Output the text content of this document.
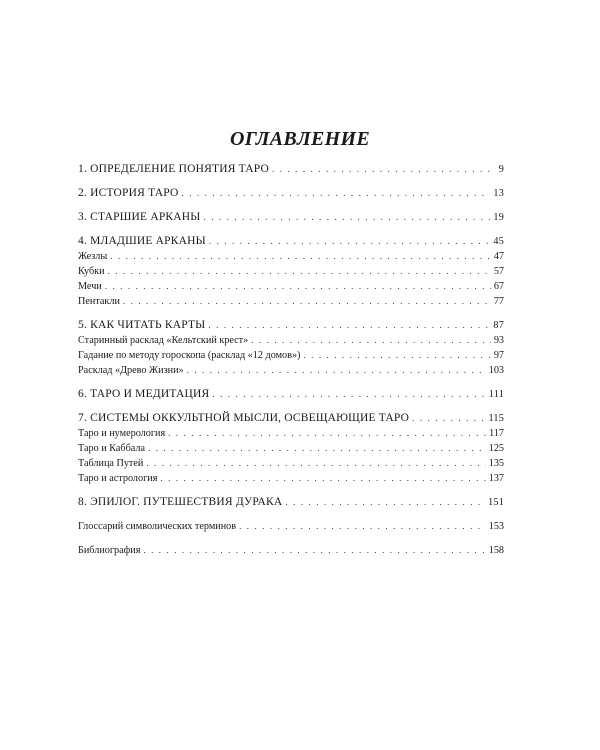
ОГЛАВЛЕНИЕ
1. ОПРЕДЕЛЕНИЕ ПОНЯТИЯ ТАРО . . .	9
2. ИСТОРИЯ ТАРО . . .	13
3. СТАРШИЕ АРКАНЫ . . .	19
4. МЛАДШИЕ АРКАНЫ . . .	45
Жезлы . . .	47
Кубки . . .	57
Мечи . . .	67
Пентакли . . .	77
5. КАК ЧИТАТЬ КАРТЫ . . .	87
Старинный расклад «Кельтский крест» . . .	93
Гадание по методу гороскопа (расклад «12 домов») . . .	97
Расклад «Древо Жизни» . . .	103
6. ТАРО И МЕДИТАЦИЯ . . .	111
7. СИСТЕМЫ ОККУЛЬТНОЙ МЫСЛИ, ОСВЕЩАЮЩИЕ ТАРО . . .	115
Таро и нумерология . . .	117
Таро и Каббала . . .	125
Таблица Путей . . .	135
Таро и астрология . . .	137
8. ЭПИЛОГ. ПУТЕШЕСТВИЯ ДУРАКА . . .	151
Глоссарий символических терминов . . .	153
Библиография . . .	158
